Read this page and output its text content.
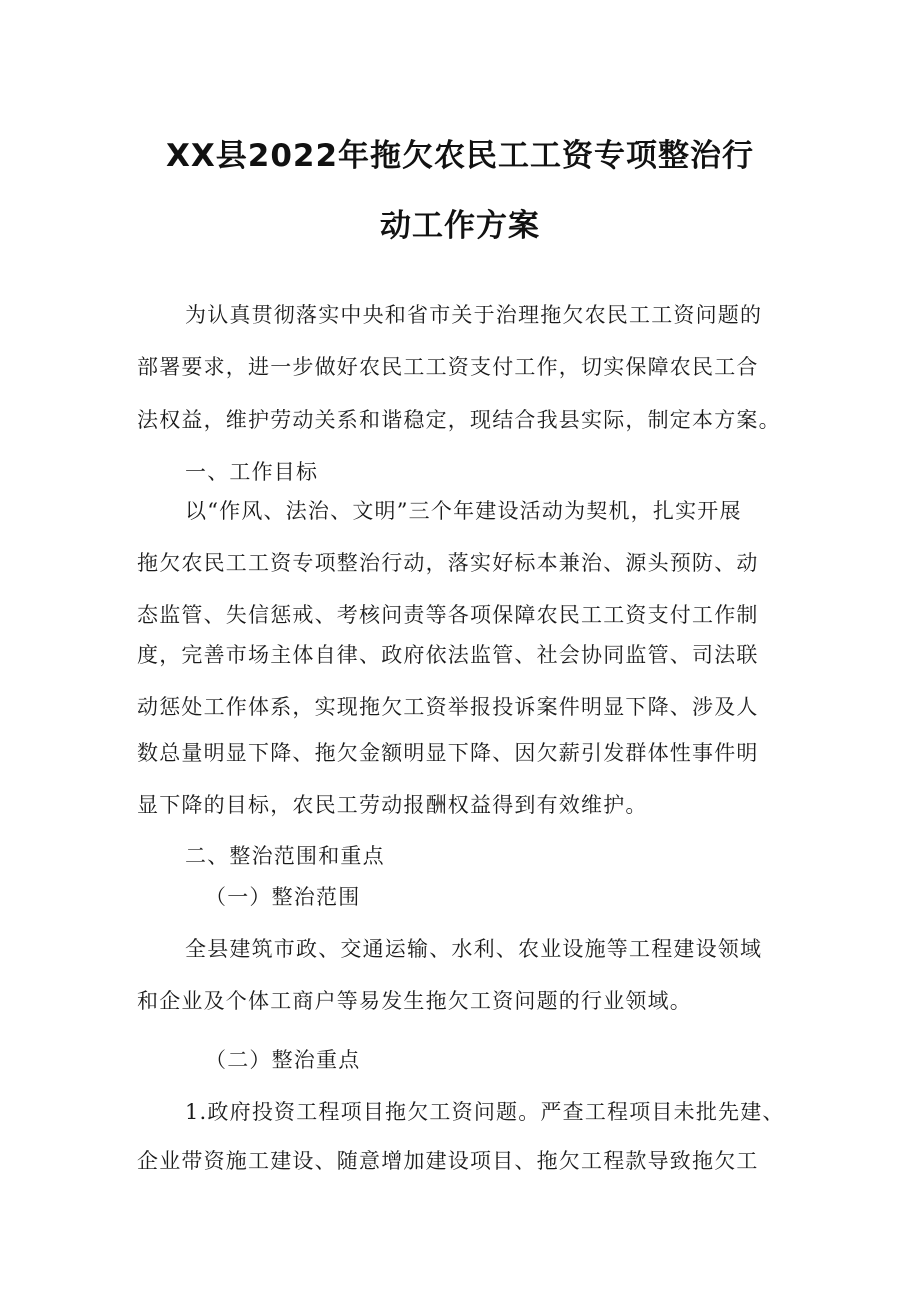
XX县2022年拖欠农民工工资专项整治行
动工作方案
为认真贯彻落实中央和省市关于治理拖欠农民工工资问题的
部署要求，进一步做好农民工工资支付工作，切实保障农民工合
法权益，维护劳动关系和谐稳定，现结合我县实际，制定本方案。
一、工作目标
以“作风、法治、文明”三个年建设活动为契机，扎实开展
拖欠农民工工资专项整治行动，落实好标本兼治、源头预防、动
态监管、失信惩戒、考核问责等各项保障农民工工资支付工作制
度，完善市场主体自律、政府依法监管、社会协同监管、司法联
动惩处工作体系，实现拖欠工资举报投诉案件明显下降、涉及人
数总量明显下降、拖欠金额明显下降、因欠薪引发群体性事件明
显下降的目标，农民工劳动报酬权益得到有效维护。
二、整治范围和重点
（一）整治范围
全县建筑市政、交通运输、水利、农业设施等工程建设领域
和企业及个体工商户等易发生拖欠工资问题的行业领域。
（二）整治重点
1.政府投资工程项目拖欠工资问题。严查工程项目未批先建、
企业带资施工建设、随意增加建设项目、拖欠工程款导致拖欠工
